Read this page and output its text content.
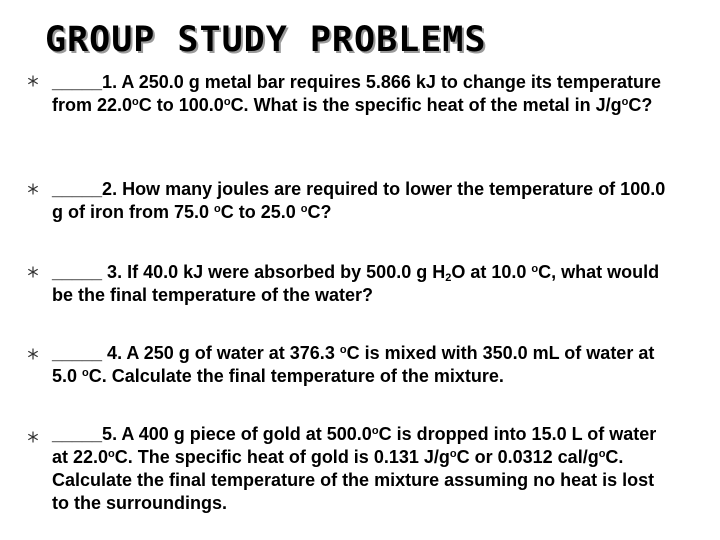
GROUP STUDY PROBLEMS
_____1. A 250.0 g metal bar requires 5.866 kJ to change its temperature from 22.0$^o$C to 100.0$^o$C. What is the specific heat of the metal in $J/g^oC$?
_____2. How many joules are required to lower the temperature of 100.0 g of iron from 75.0 $^o$C to 25.0 $^o$C?
_____ 3. If 40.0 kJ were absorbed by 500.0 g $H_2O$ at 10.0 $^o$C, what would be the final temperature of the water?
_____ 4. A 250 g of water at 376.3 $^o$C is mixed with 350.0 mL of water at 5.0 $^o$C. Calculate the final temperature of the mixture.
_____5. A 400 g piece of gold at 500.0$^o$C is dropped into 15.0 L of water at 22.0$^o$C. The specific heat of gold is 0.131 $J/g^oC$ or 0.0312 cal/$g^oC$. Calculate the final temperature of the mixture assuming no heat is lost to the surroundings.
